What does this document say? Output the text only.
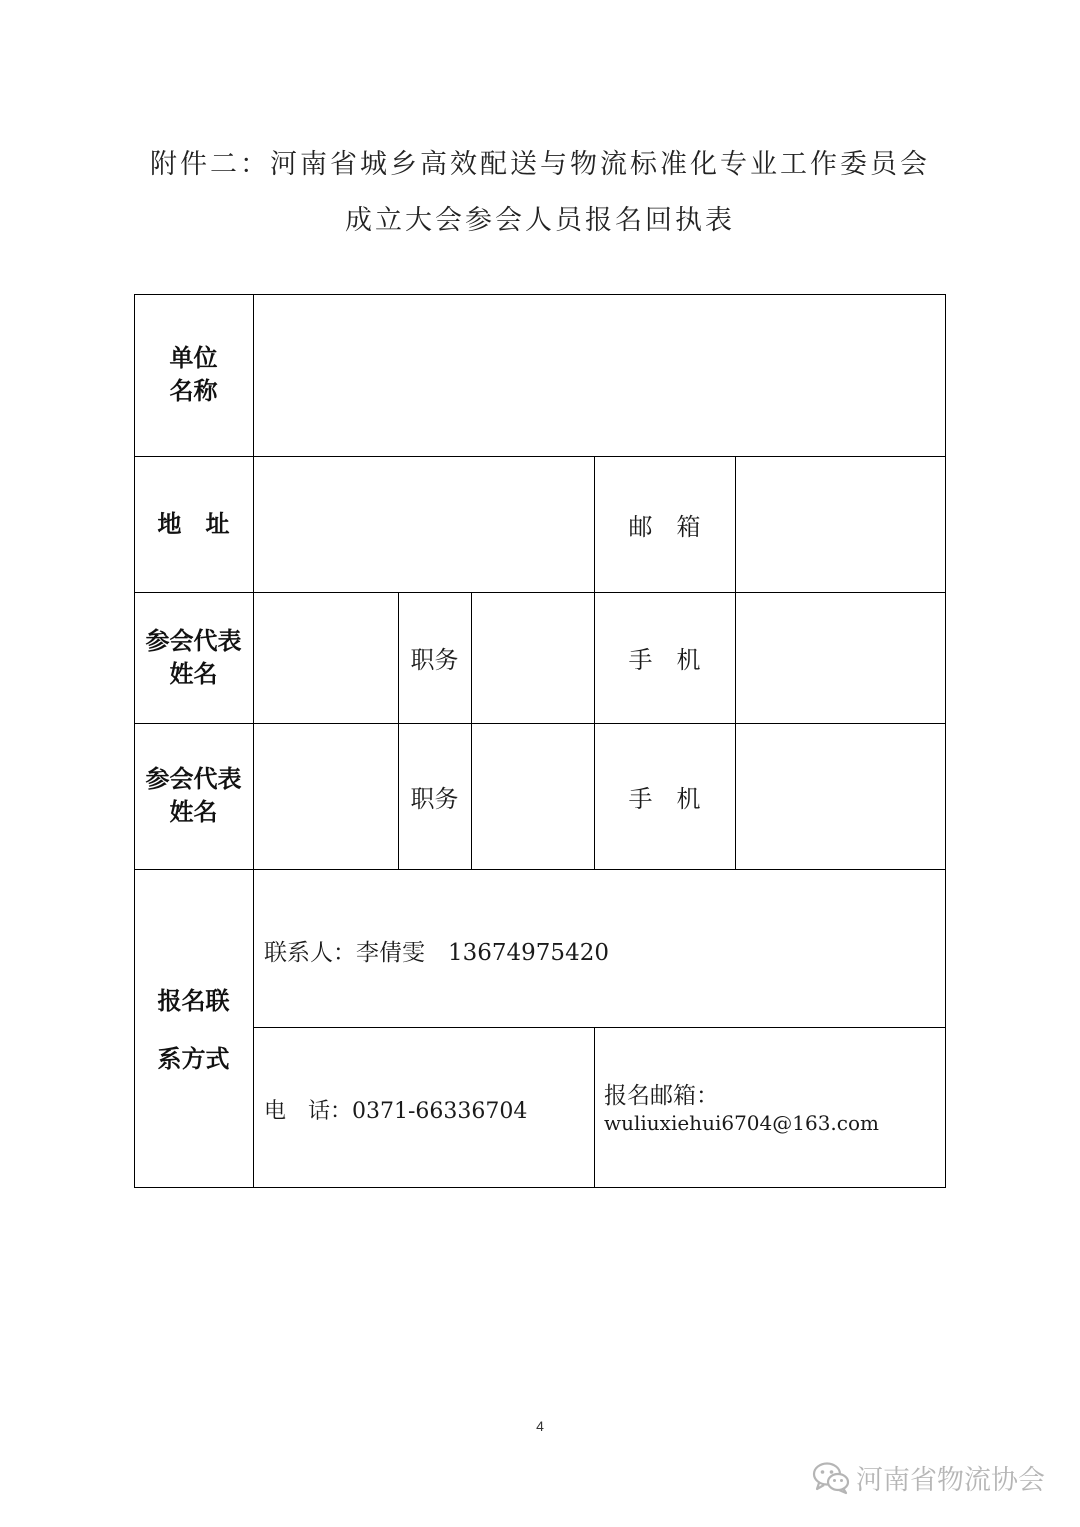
附件二：河南省城乡高效配送与物流标准化专业工作委员会
成立大会参会人员报名回执表
单位
名称
地　址	邮　箱
参会代表
姓名	职务	手　机
参会代表
姓名	职务	手　机
报名联
系方式
联系人：李倩雯　13674975420
电　话：0371-66336704
报名邮箱：
wuliuxiehui6704@163.com
4
河南省物流协会
